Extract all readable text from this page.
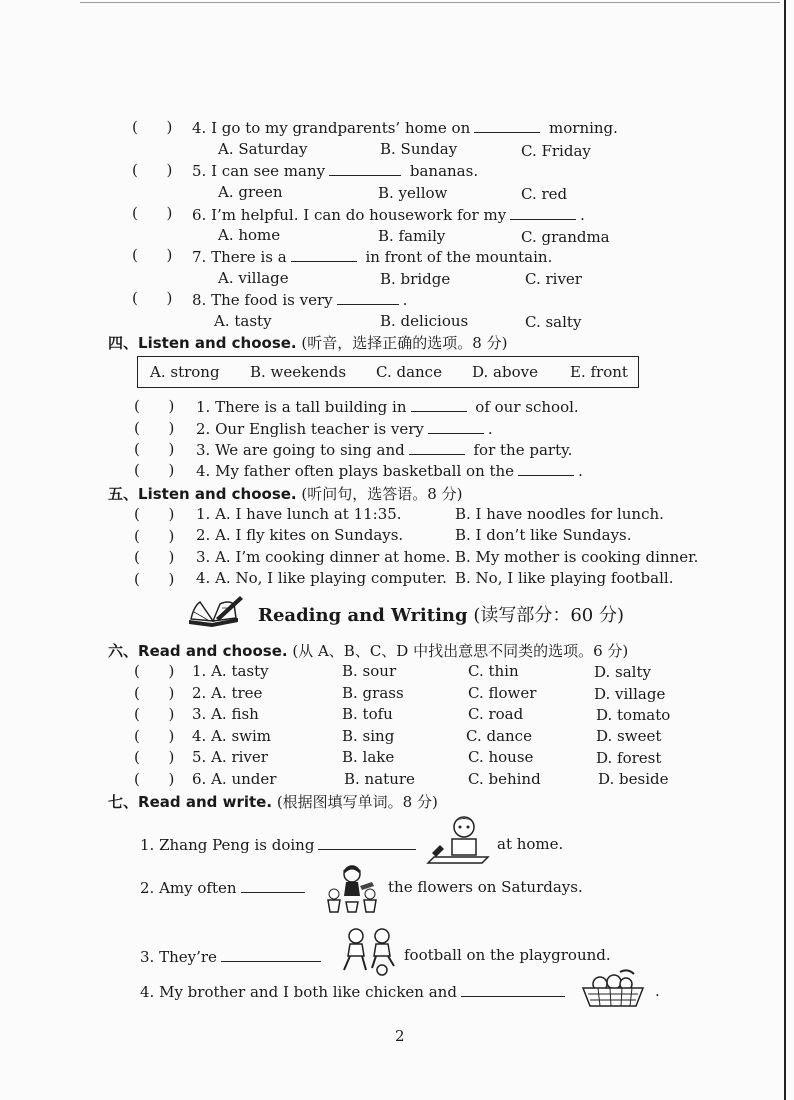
(      ) 4. I go to my grandparents’ home on	morning.
A. Saturday	B. Sunday	C. Friday
(      ) 5. I can see many	bananas.
A. green	B. yellow	C. red
(      ) 6. I’m helpful. I can do housework for my	.
A. home	B. family	C. grandma
(      ) 7. There is a	in front of the mountain.
A. village	B. bridge	C. river
(      ) 8. The food is very	.
A. tasty	B. delicious	C. salty
四、Listen and choose. (听音，选择正确的选项。8 分)
A. strong B. weekends C. dance D. above E. front
(      ) 1. There is a tall building in	of our school.
(      ) 2. Our English teacher is very	.
(      ) 3. We are going to sing and	for the party.
(      ) 4. My father often plays basketball on the	.
五、Listen and choose. (听问句，选答语。8 分)
(      ) 1. A. I have lunch at 11:35.	B. I have noodles for lunch.
(      ) 2. A. I fly kites on Sundays.	B. I don’t like Sundays.
(      ) 3. A. I’m cooking dinner at home. B. My mother is cooking dinner.
(      ) 4. A. No, I like playing computer. B. No, I like playing football.
Reading and Writing (读写部分：60 分)
六、Read and choose. (从 A、B、C、D 中找出意思不同类的选项。6 分)
(      ) 1. A. tasty	B. sour	C. thin	D. salty
(      ) 2. A. tree	B. grass	C. flower	D. village
(      ) 3. A. fish	B. tofu	C. road	D. tomato
(      ) 4. A. swim	B. sing	C. dance	D. sweet
(      ) 5. A. river	B. lake	C. house	D. forest
(      ) 6. A. under	B. nature	C. behind	D. beside
七、Read and write. (根据图填写单词。8 分)
1. Zhang Peng is doing	at home.
2. Amy often	the flowers on Saturdays.
3. They’re	football on the playground.
4. My brother and I both like chicken and	.
2
